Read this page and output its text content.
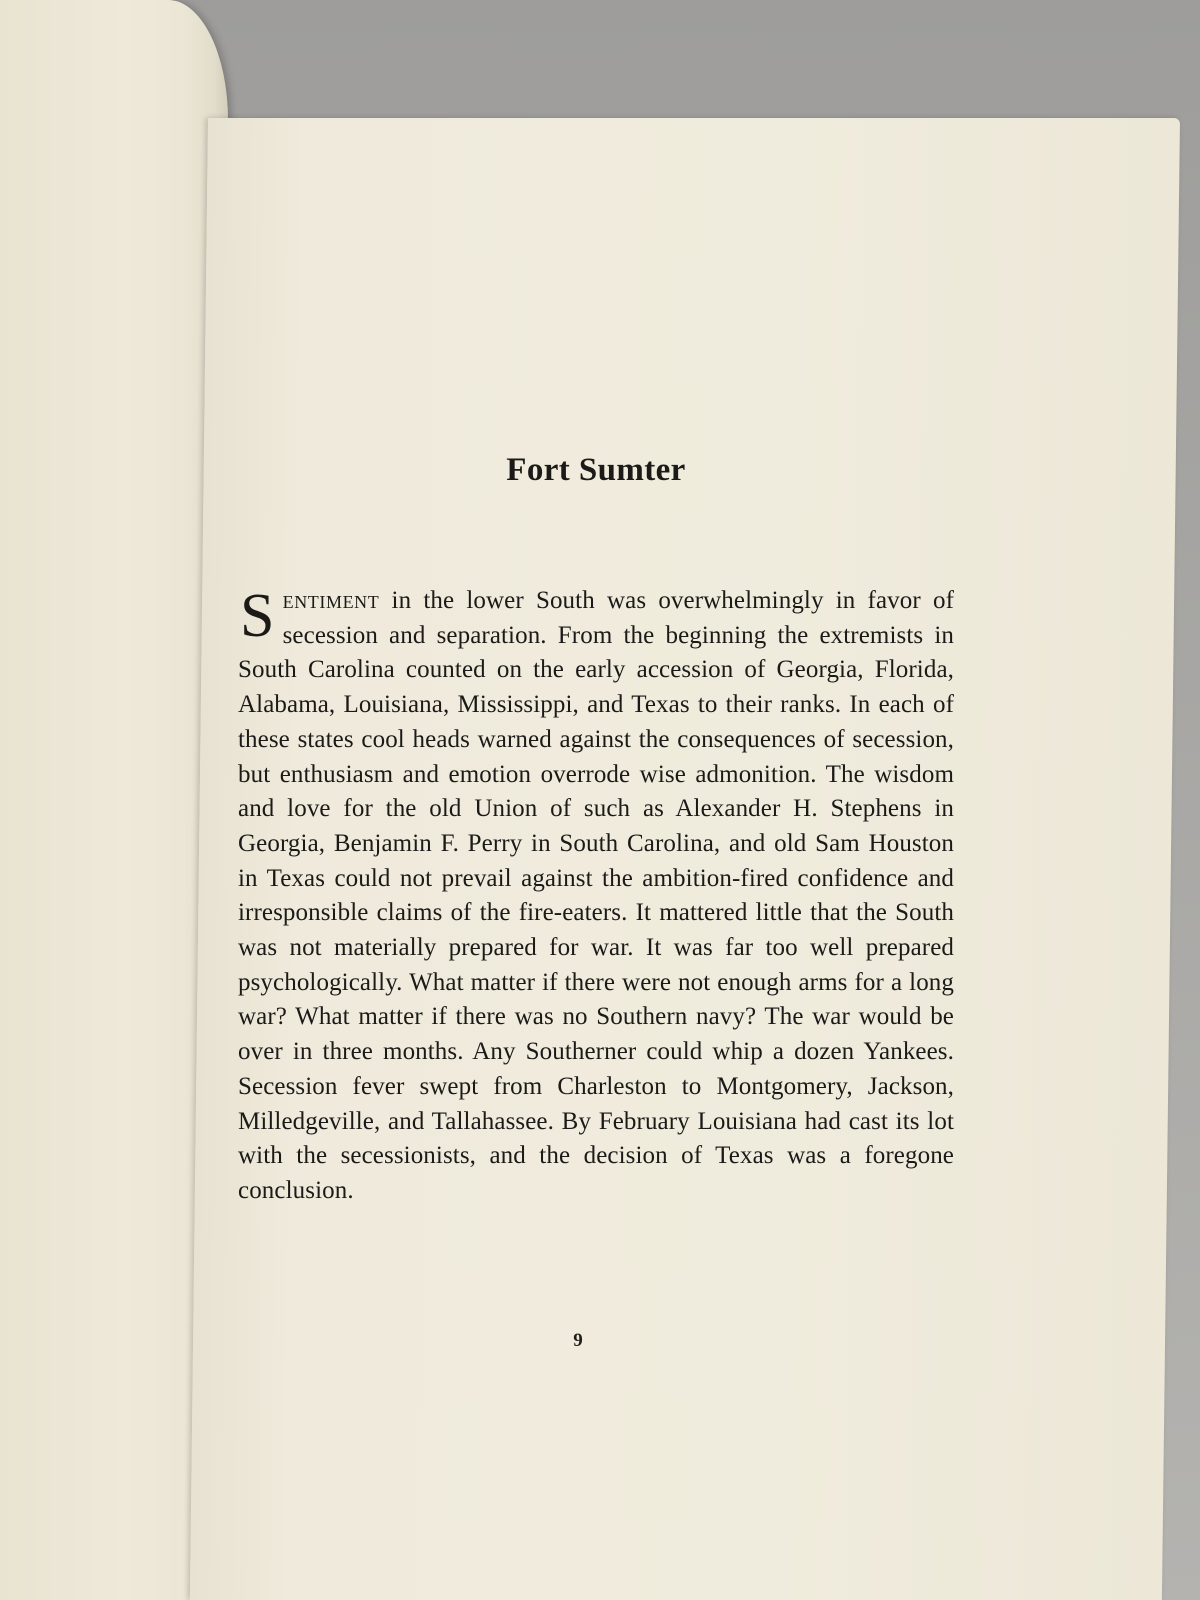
Fort Sumter

Sentiment in the lower South was overwhelmingly in favor of secession and separation. From the beginning the extremists in South Carolina counted on the early accession of Georgia, Florida, Alabama, Louisiana, Mississippi, and Texas to their ranks. In each of these states cool heads warned against the consequences of secession, but enthusiasm and emotion overrode wise admonition. The wisdom and love for the old Union of such as Alexander H. Stephens in Georgia, Benjamin F. Perry in South Carolina, and old Sam Houston in Texas could not prevail against the ambition-fired confidence and irresponsible claims of the fire-eaters. It mattered little that the South was not materially prepared for war. It was far too well prepared psychologically. What matter if there were not enough arms for a long war? What matter if there was no Southern navy? The war would be over in three months. Any Southerner could whip a dozen Yankees. Secession fever swept from Charleston to Montgomery, Jackson, Milledgeville, and Tallahassee. By February Louisiana had cast its lot with the secessionists, and the decision of Texas was a foregone conclusion.

9
